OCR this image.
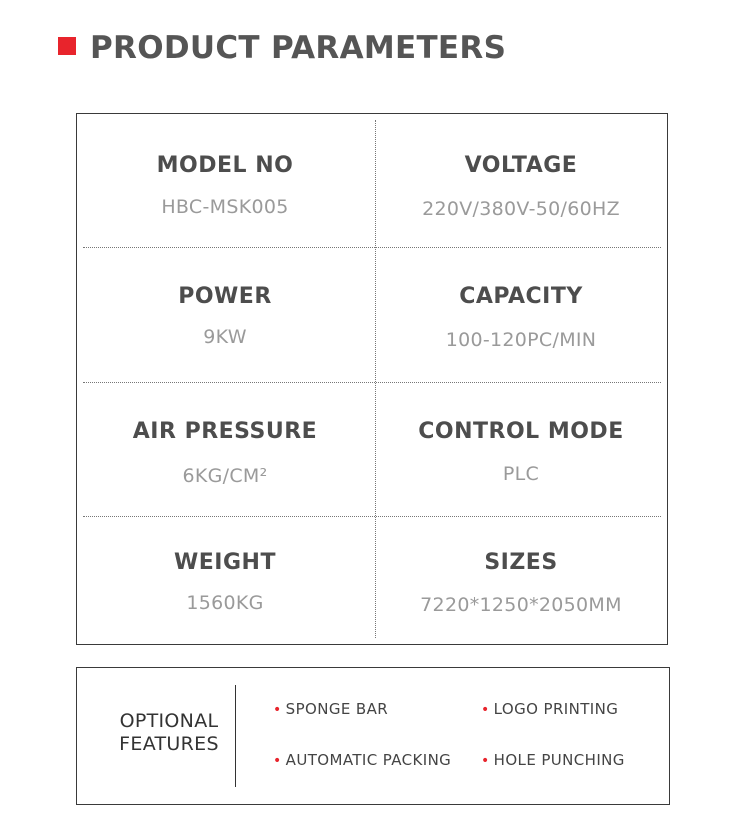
PRODUCT PARAMETERS
MODEL NO
HBC-MSK005
VOLTAGE
220V/380V-50/60HZ
POWER
9KW
CAPACITY
100-120PC/MIN
AIR PRESSURE
6KG/CM²
CONTROL MODE
PLC
WEIGHT
1560KG
SIZES
7220*1250*2050MM
OPTIONAL
FEATURES
• SPONGE BAR	• LOGO PRINTING
• AUTOMATIC PACKING • HOLE PUNCHING
